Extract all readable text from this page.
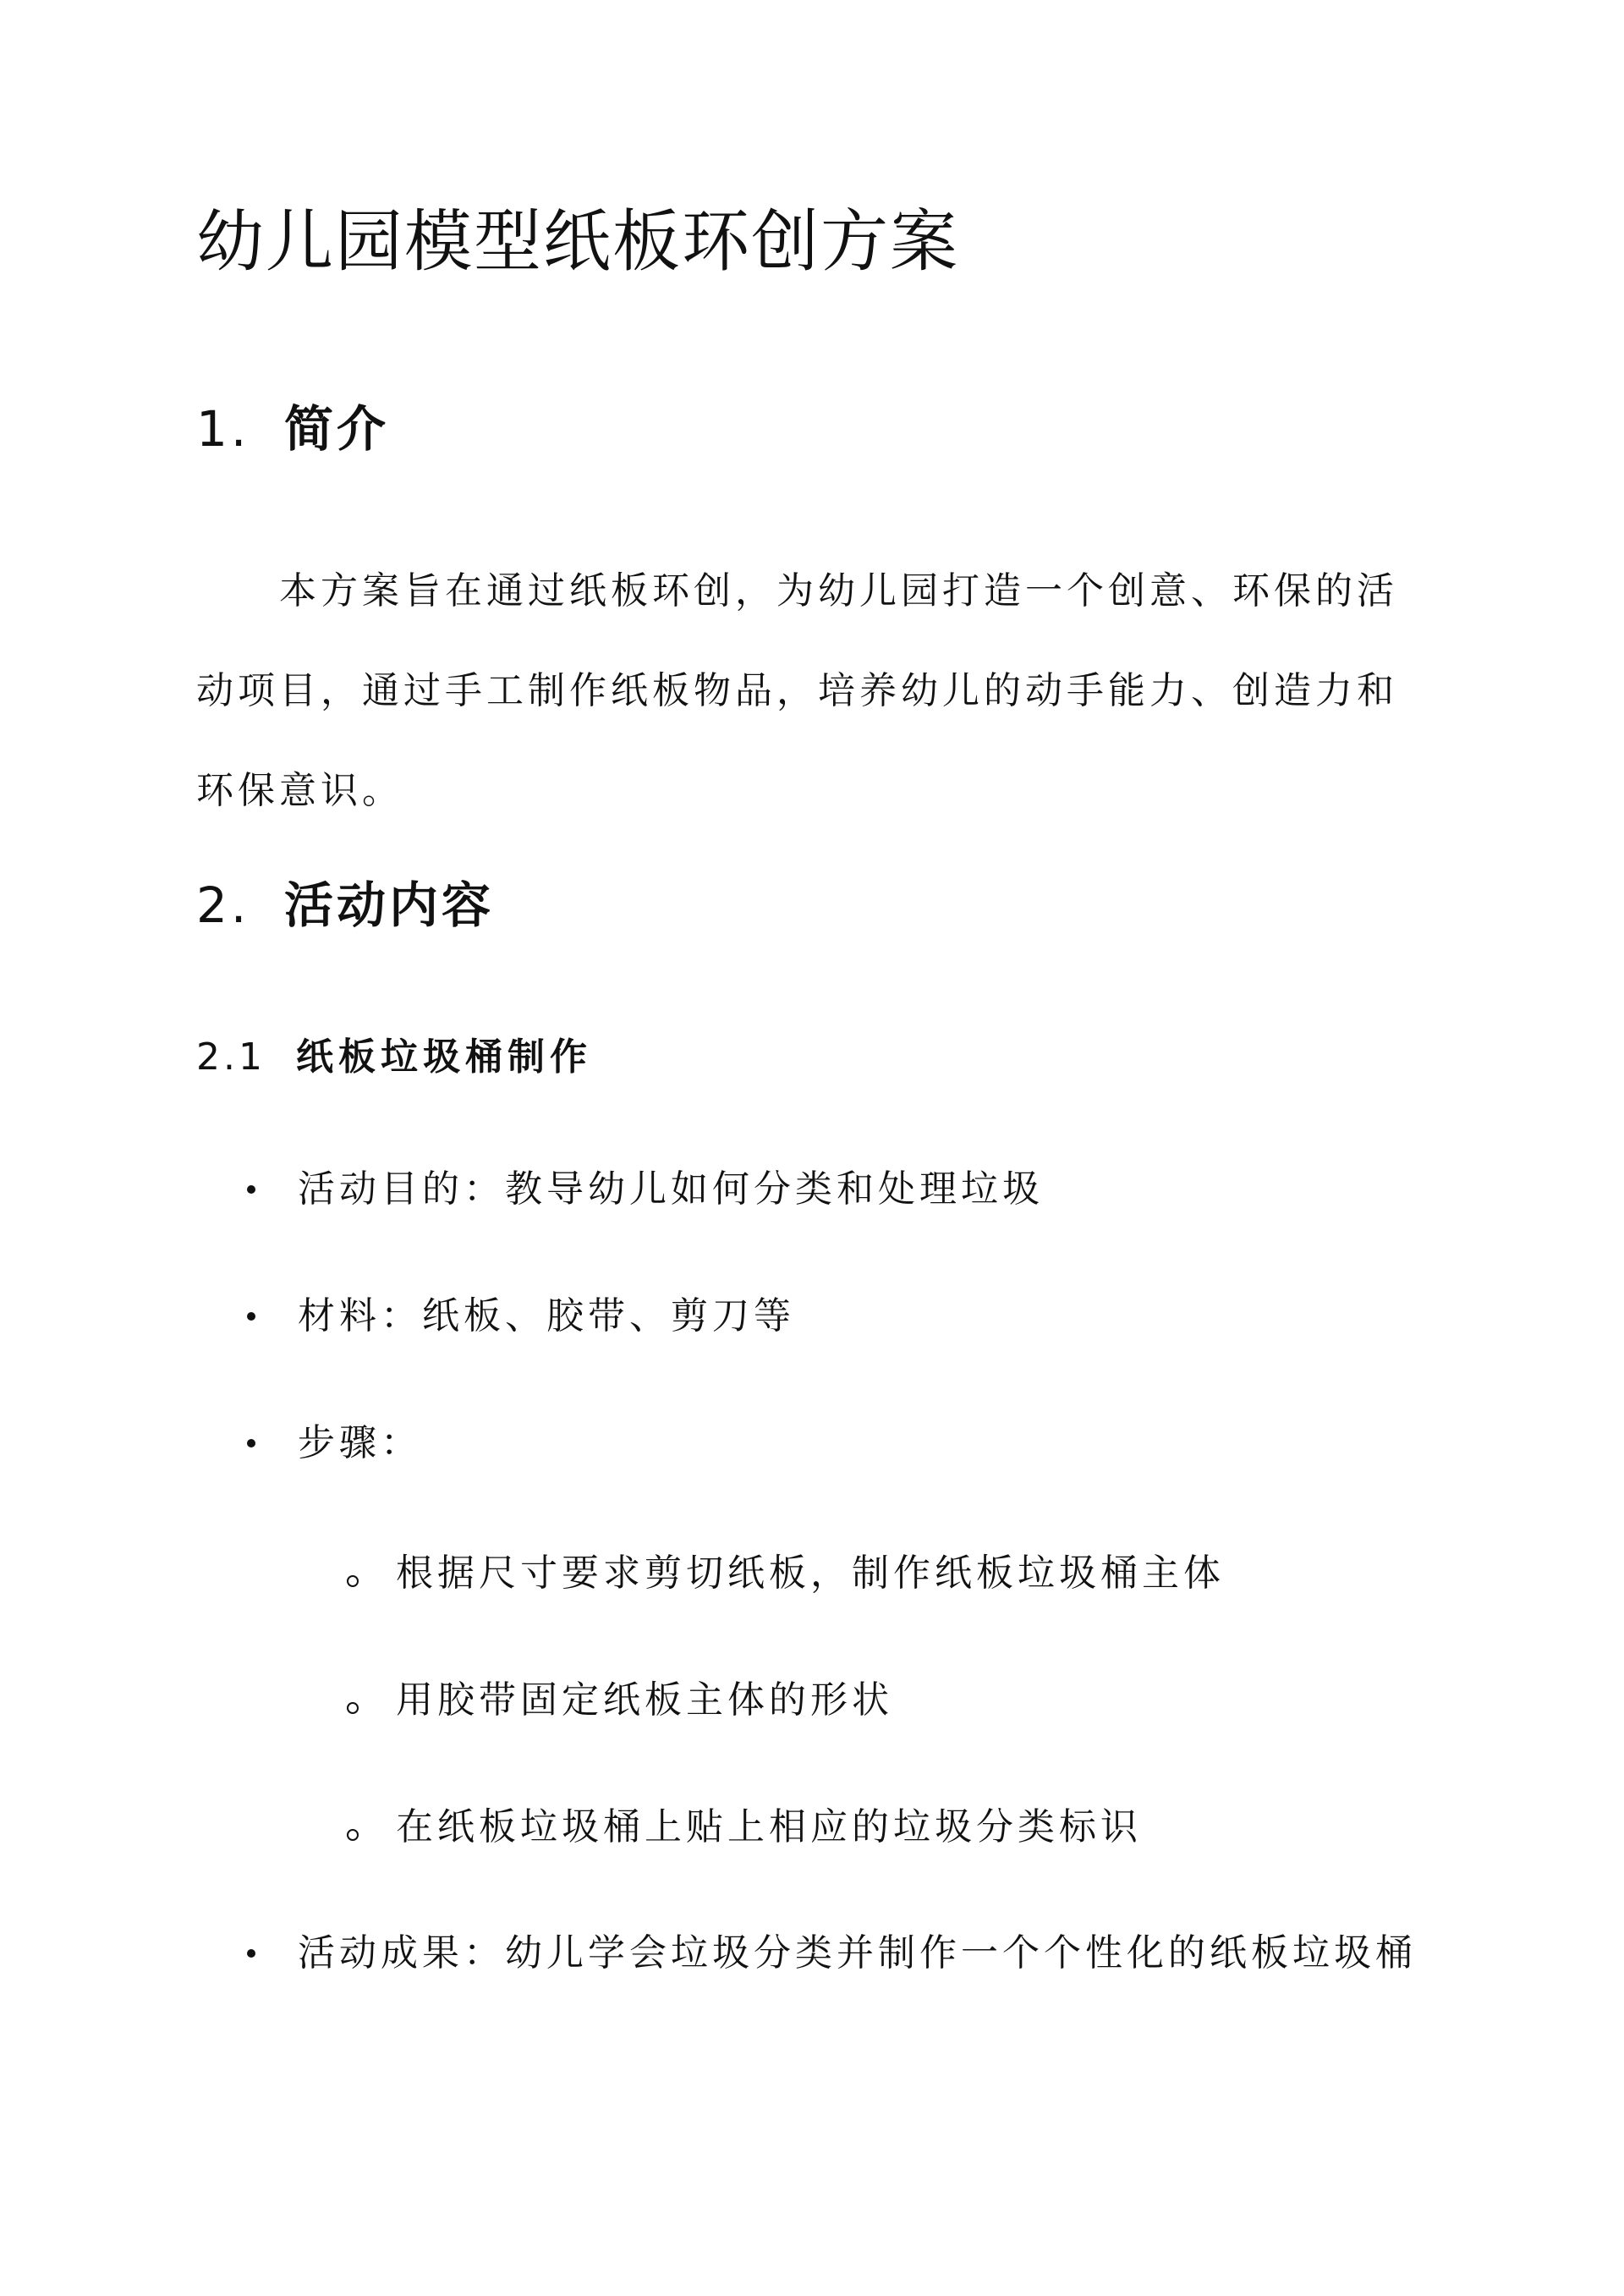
幼儿园模型纸板环创方案
1. 简介

本方案旨在通过纸板环创，为幼儿园打造一个创意、环保的活动项目，通过手工制作纸板物品，培养幼儿的动手能力、创造力和环保意识。

2. 活动内容
2.1 纸板垃圾桶制作
活动目的：教导幼儿如何分类和处理垃圾
材料：纸板、胶带、剪刀等
步骤：
根据尺寸要求剪切纸板，制作纸板垃圾桶主体
用胶带固定纸板主体的形状
在纸板垃圾桶上贴上相应的垃圾分类标识
活动成果：幼儿学会垃圾分类并制作一个个性化的纸板垃圾桶
